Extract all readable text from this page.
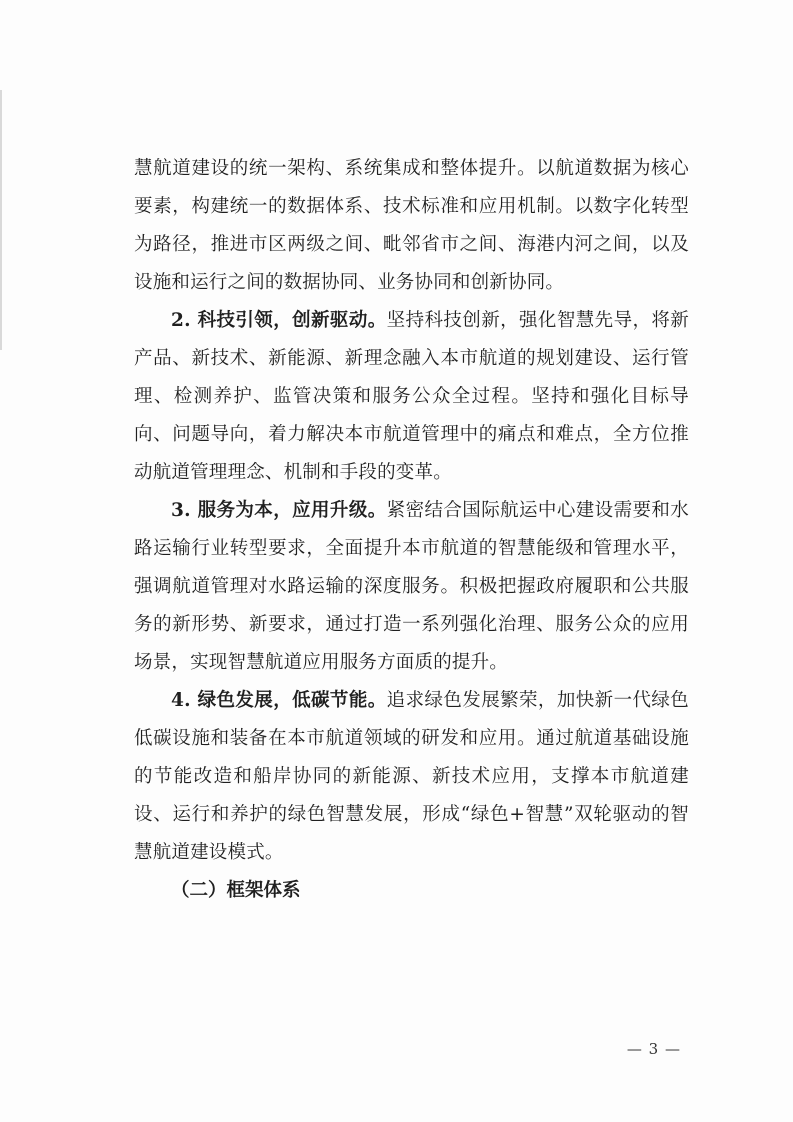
慧航道建设的统一架构、系统集成和整体提升。以航道数据为核心要素，构建统一的数据体系、技术标准和应用机制。以数字化转型为路径，推进市区两级之间、毗邻省市之间、海港内河之间，以及设施和运行之间的数据协同、业务协同和创新协同。

2. 科技引领，创新驱动。坚持科技创新，强化智慧先导，将新产品、新技术、新能源、新理念融入本市航道的规划建设、运行管理、检测养护、监管决策和服务公众全过程。坚持和强化目标导向、问题导向，着力解决本市航道管理中的痛点和难点，全方位推动航道管理理念、机制和手段的变革。

3. 服务为本，应用升级。紧密结合国际航运中心建设需要和水路运输行业转型要求，全面提升本市航道的智慧能级和管理水平，强调航道管理对水路运输的深度服务。积极把握政府履职和公共服务的新形势、新要求，通过打造一系列强化治理、服务公众的应用场景，实现智慧航道应用服务方面质的提升。

4. 绿色发展，低碳节能。追求绿色发展繁荣，加快新一代绿色低碳设施和装备在本市航道领域的研发和应用。通过航道基础设施的节能改造和船岸协同的新能源、新技术应用，支撑本市航道建设、运行和养护的绿色智慧发展，形成“绿色+智慧”双轮驱动的智慧航道建设模式。

（二）框架体系

— 3 —
